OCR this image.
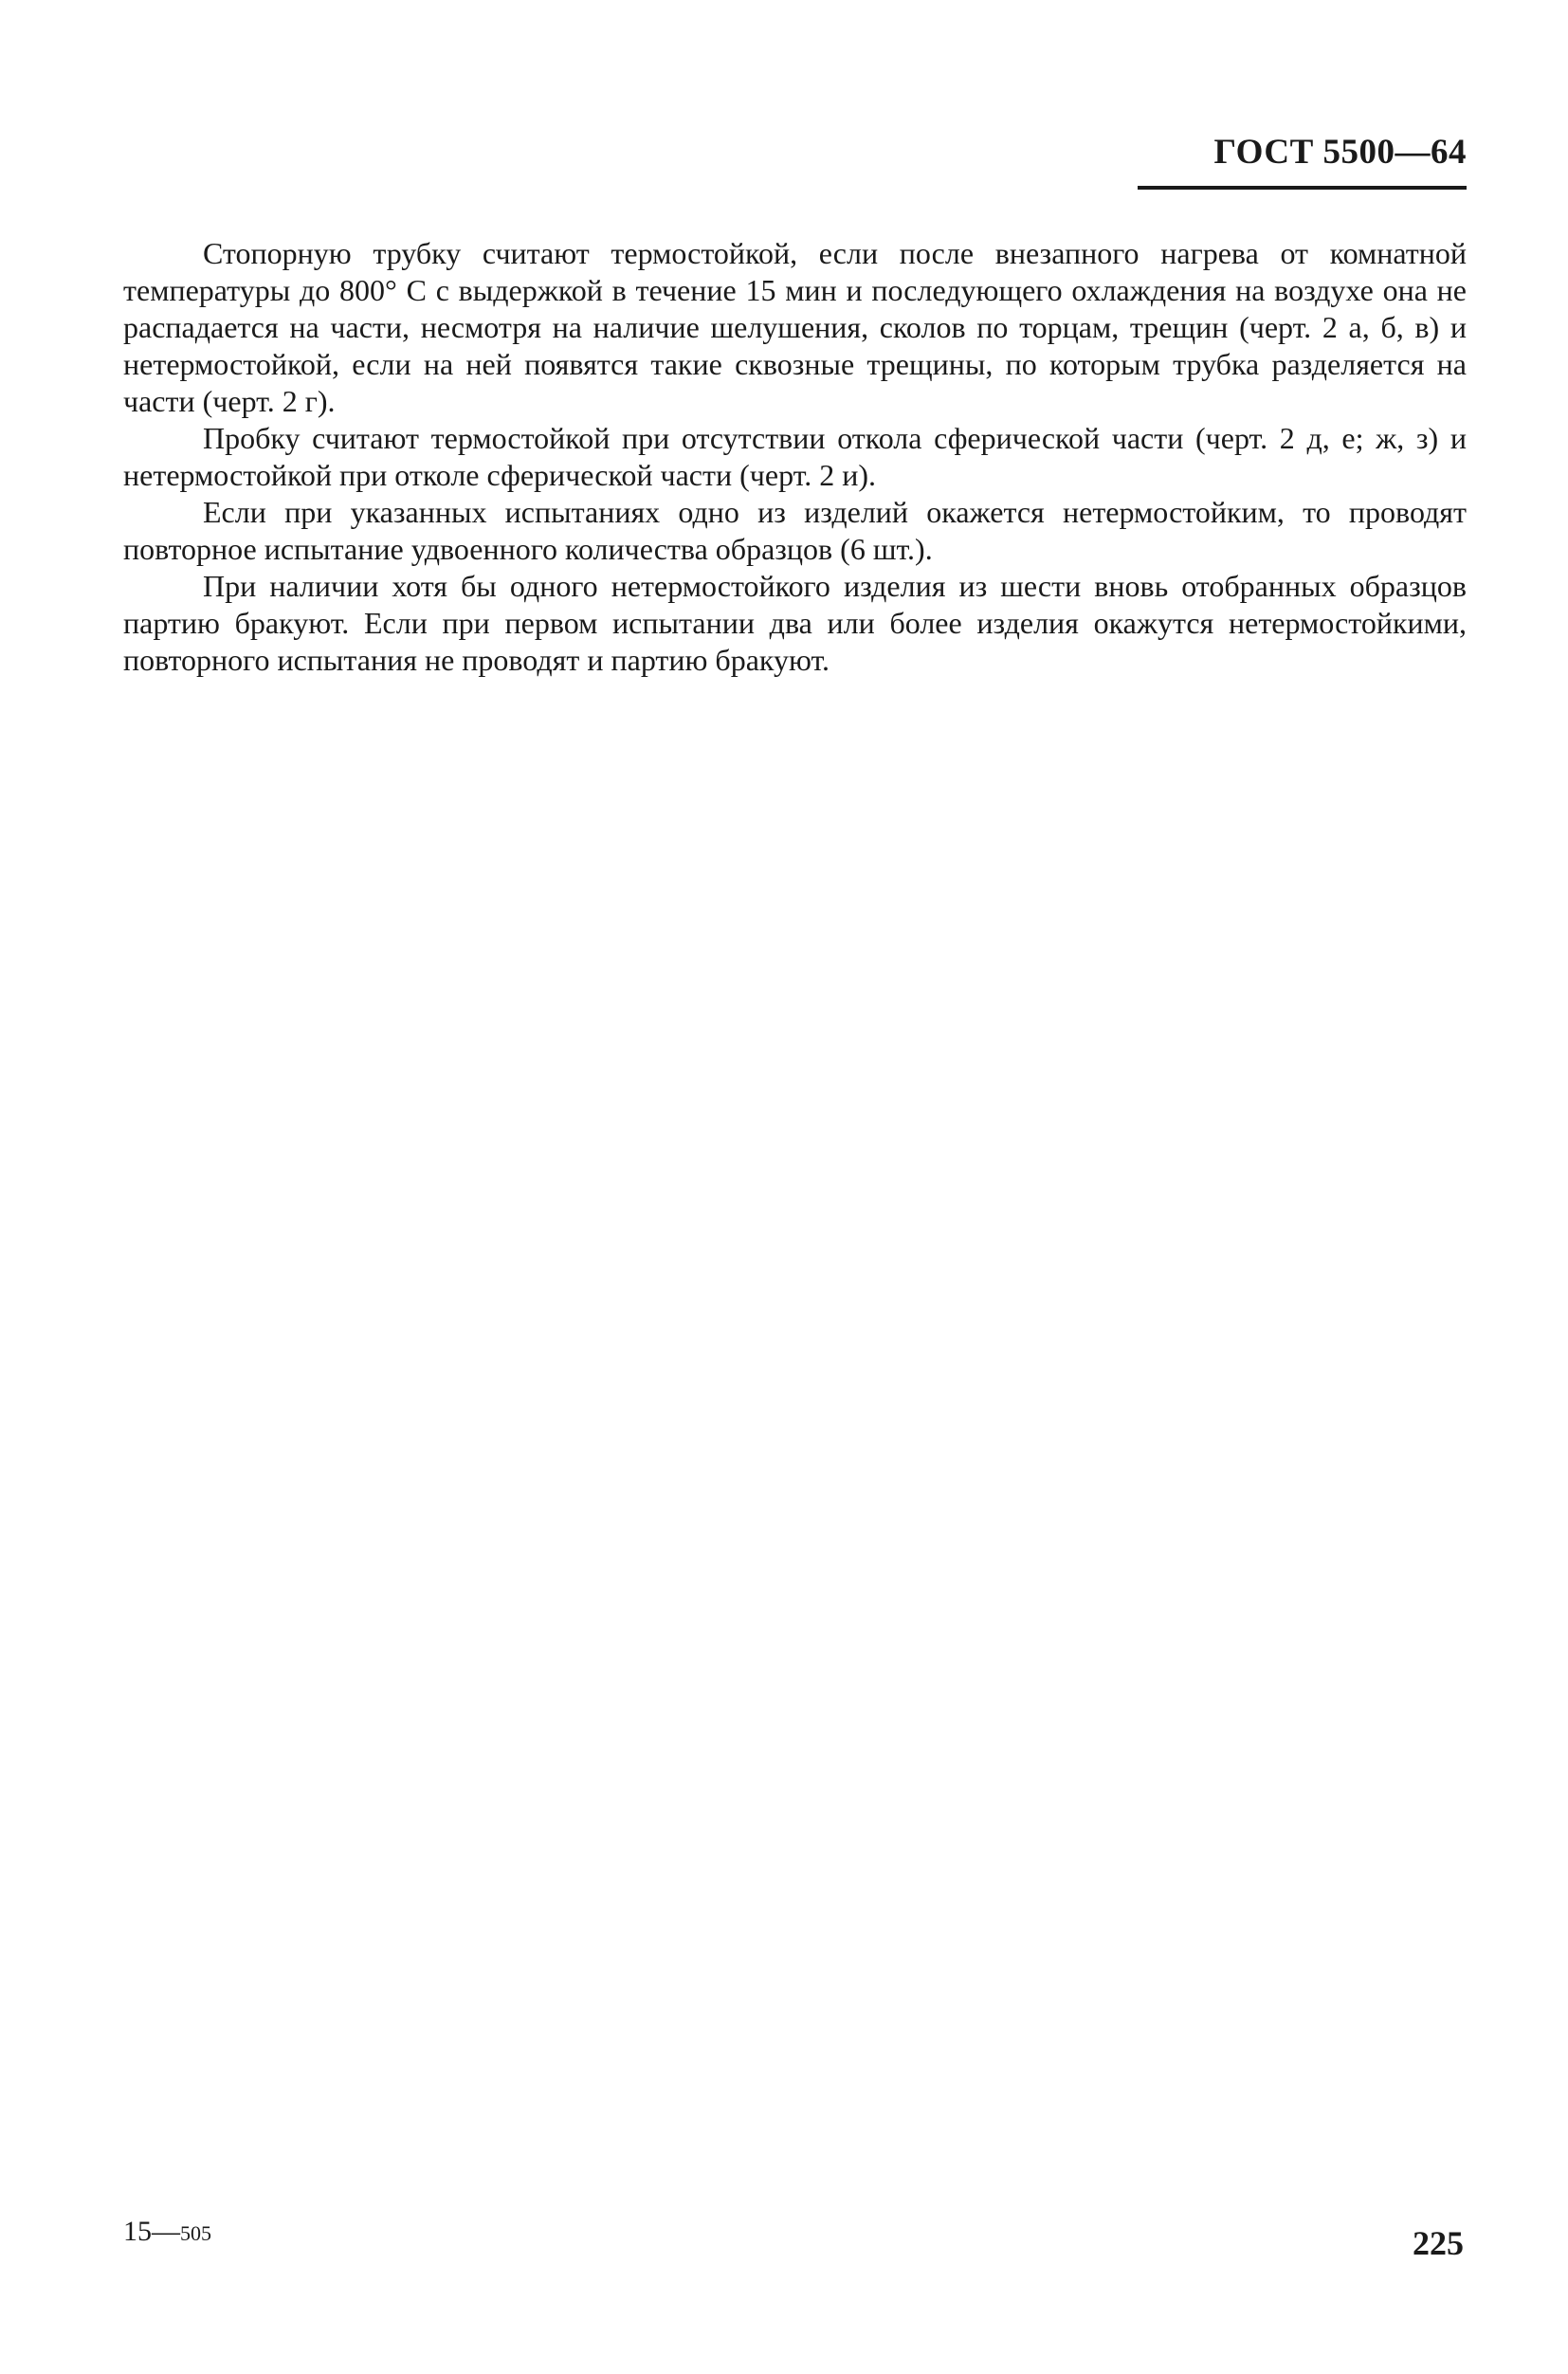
ГОСТ 5500—64

Стопорную трубку считают термостойкой, если после внезапного нагрева от комнатной температуры до 800° С с выдержкой в течение 15 мин и последующего охлаждения на воздухе она не распадается на части, несмотря на наличие шелушения, сколов по торцам, трещин (черт. 2 а, б, в) и нетермостойкой, если на ней появятся такие сквозные трещины, по которым трубка разделяется на части (черт. 2 г).

Пробку считают термостойкой при отсутствии откола сферической части (черт. 2 д, е; ж, з) и нетермостойкой при отколе сферической части (черт. 2 и).

Если при указанных испытаниях одно из изделий окажется нетермостойким, то проводят повторное испытание удвоенного количества образцов (6 шт.).

При наличии хотя бы одного нетермостойкого изделия из шести вновь отобранных образцов партию бракуют. Если при первом испытании два или более изделия окажутся нетермостойкими, повторного испытания не проводят и партию бракуют.

15—505	225
